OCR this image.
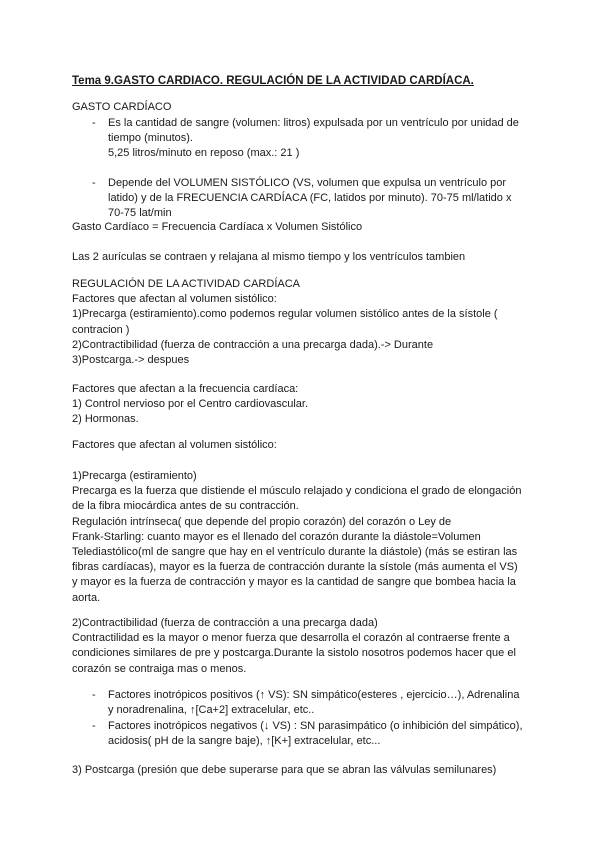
Tema 9.GASTO CARDIACO. REGULACIÓN DE LA ACTIVIDAD CARDÍACA.
GASTO CARDÍACO
- Es la cantidad de sangre (volumen: litros) expulsada por un ventrículo por unidad de
tiempo (minutos).
5,25 litros/minuto en reposo (max.: 21 )
- Depende del VOLUMEN SISTÓLICO (VS, volumen que expulsa un ventrículo por
latido) y de la FRECUENCIA CARDÍACA (FC, latidos por minuto). 70-75 ml/latido x
70-75 lat/min
Gasto Cardíaco = Frecuencia Cardíaca x Volumen Sistólico
Las 2 aurículas se contraen y relajana al mismo tiempo y los ventrículos tambien
REGULACIÓN DE LA ACTIVIDAD CARDÍACA
Factores que afectan al volumen sistólico:
1)Precarga (estiramiento).como podemos regular volumen sistólico antes de la sístole (
contracion )
2)Contractibilidad (fuerza de contracción a una precarga dada).-> Durante
3)Postcarga.-> despues
Factores que afectan a la frecuencia cardíaca:
1) Control nervioso por el Centro cardiovascular.
2) Hormonas.
Factores que afectan al volumen sistólico:
1)Precarga (estiramiento)
Precarga es la fuerza que distiende el músculo relajado y condiciona el grado de elongación
de la fibra miocárdica antes de su contracción.
Regulación intrínseca( que depende del propio corazón) del corazón o Ley de
Frank-Starling: cuanto mayor es el llenado del corazón durante la diástole=Volumen
Telediastólico(ml de sangre que hay en el ventrículo durante la diástole) (más se estiran las
fibras cardíacas), mayor es la fuerza de contracción durante la sístole (más aumenta el VS)
y mayor es la fuerza de contracción y mayor es la cantidad de sangre que bombea hacia la
aorta.
2)Contractibilidad (fuerza de contracción a una precarga dada)
Contractilidad es la mayor o menor fuerza que desarrolla el corazón al contraerse frente a
condiciones similares de pre y postcarga.Durante la sistolo nosotros podemos hacer que el
corazón se contraiga mas o menos.
- Factores inotrópicos positivos (↑ VS): SN simpático(esteres , ejercicio…), Adrenalina
y noradrenalina, ↑[Ca+2] extracelular, etc..
- Factores inotrópicos negativos (↓ VS) : SN parasimpático (o inhibición del simpático),
acidosis( pH de la sangre baje), ↑[K+] extracelular, etc...
3) Postcarga (presión que debe superarse para que se abran las válvulas semilunares)
